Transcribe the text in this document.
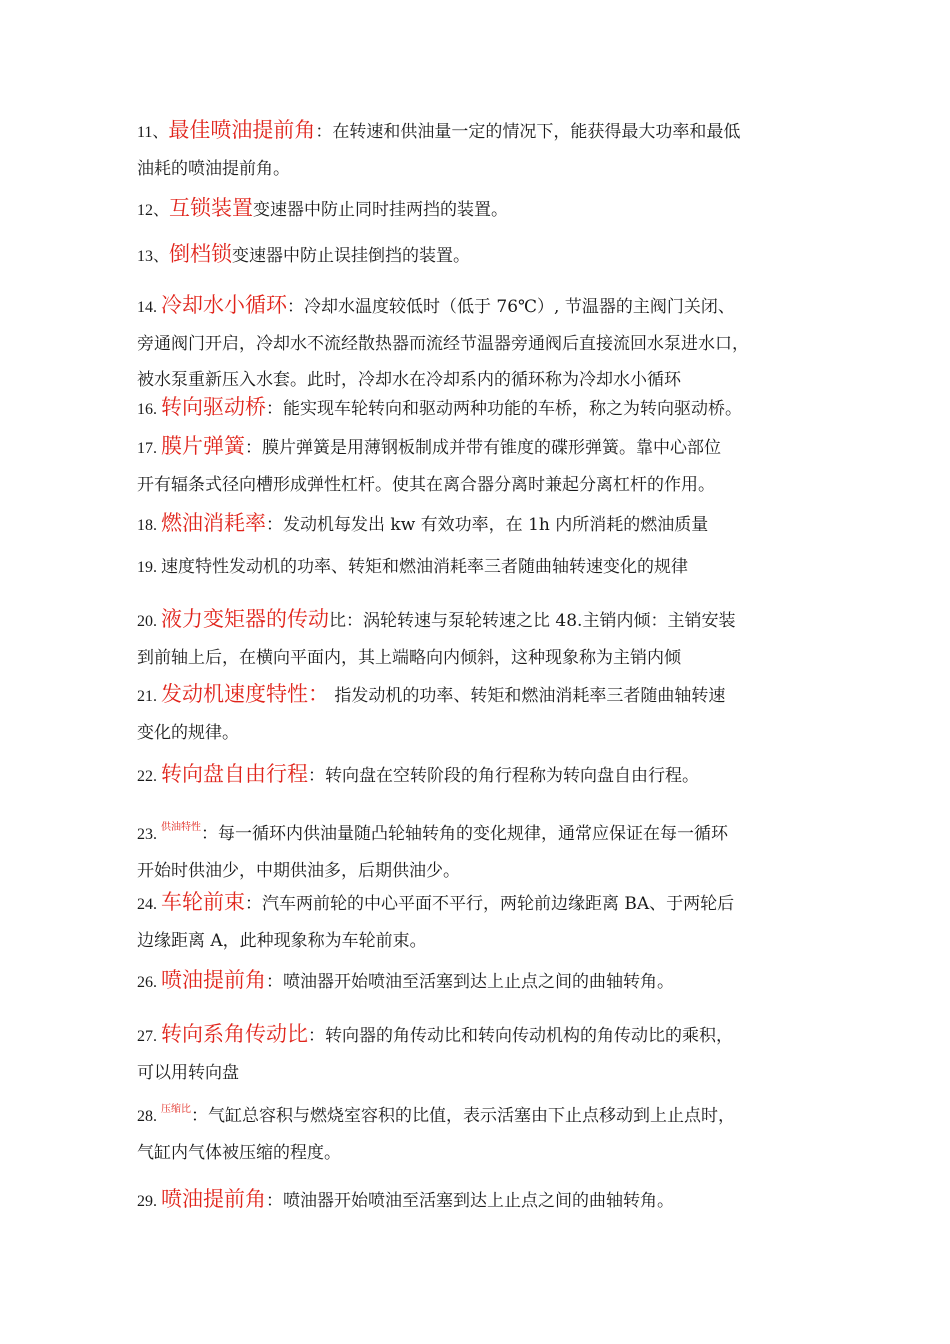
11、最佳喷油提前角：在转速和供油量一定的情况下，能获得最大功率和最低
油耗的喷油提前角。
12、互锁装置变速器中防止同时挂两挡的装置。
13、倒档锁变速器中防止误挂倒挡的装置。
14. 冷却水小循环：冷却水温度较低时（低于 76℃）, 节温器的主阀门关闭、
旁通阀门开启，冷却水不流经散热器而流经节温器旁通阀后直接流回水泵进水口，
被水泵重新压入水套。此时，冷却水在冷却系内的循环称为冷却水小循环
16. 转向驱动桥：能实现车轮转向和驱动两种功能的车桥，称之为转向驱动桥。
17. 膜片弹簧：膜片弹簧是用薄钢板制成并带有锥度的碟形弹簧。靠中心部位
开有辐条式径向槽形成弹性杠杆。使其在离合器分离时兼起分离杠杆的作用。
18. 燃油消耗率：发动机每发出 kw 有效功率，在 1h 内所消耗的燃油质量
19. 速度特性发动机的功率、转矩和燃油消耗率三者随曲轴转速变化的规律
20. 液力变矩器的传动比：涡轮转速与泵轮转速之比 48.主销内倾：主销安装
到前轴上后，在横向平面内，其上端略向内倾斜，这种现象称为主销内倾
21. 发动机速度特性： 指发动机的功率、转矩和燃油消耗率三者随曲轴转速
变化的规律。
22. 转向盘自由行程：转向盘在空转阶段的角行程称为转向盘自由行程。
23. $^{供油特性}$：每一循环内供油量随凸轮轴转角的变化规律，通常应保证在每一循环
开始时供油少，中期供油多，后期供油少。
24. 车轮前束：汽车两前轮的中心平面不平行，两轮前边缘距离 BA、于两轮后
边缘距离 A，此种现象称为车轮前束。
26. 喷油提前角：喷油器开始喷油至活塞到达上止点之间的曲轴转角。
27. 转向系角传动比：转向器的角传动比和转向传动机构的角传动比的乘积，
可以用转向盘
28. $^{压缩比}$：气缸总容积与燃烧室容积的比值，表示活塞由下止点移动到上止点时，
气缸内气体被压缩的程度。
29. 喷油提前角：喷油器开始喷油至活塞到达上止点之间的曲轴转角。
